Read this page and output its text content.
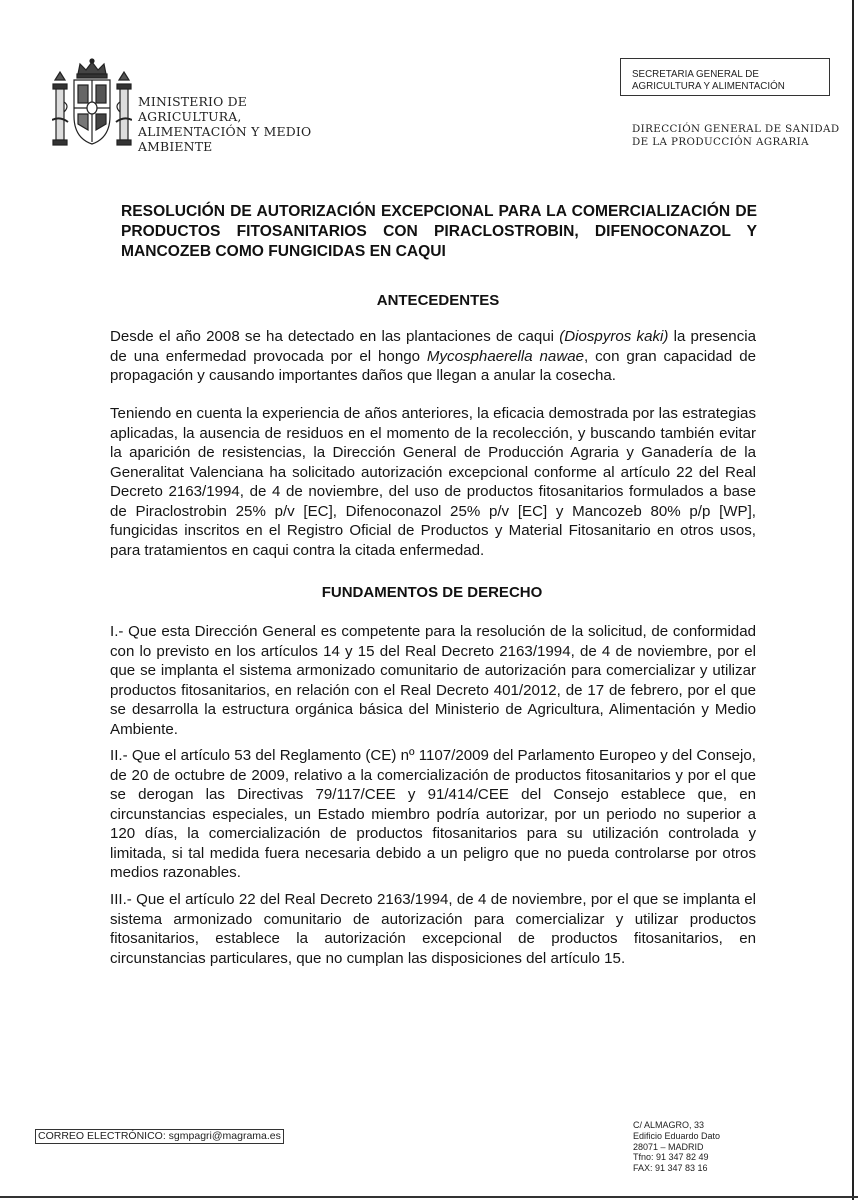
MINISTERIO DE
AGRICULTURA,
ALIMENTACIÓN Y MEDIO
AMBIENTE
SECRETARIA GENERAL DE
AGRICULTURA Y ALIMENTACIÓN
DIRECCIÓN GENERAL DE SANIDAD
DE LA PRODUCCIÓN AGRARIA
RESOLUCIÓN DE AUTORIZACIÓN EXCEPCIONAL PARA LA COMERCIALIZACIÓN DE PRODUCTOS FITOSANITARIOS CON PIRACLOSTROBIN, DIFENOCONAZOL Y MANCOZEB COMO FUNGICIDAS EN CAQUI
ANTECEDENTES
Desde el año 2008 se ha detectado en las plantaciones de caqui (Diospyros kaki) la presencia de una enfermedad provocada por el hongo Mycosphaerella nawae, con gran capacidad de propagación y causando importantes daños que llegan a anular la cosecha.
Teniendo en cuenta la experiencia de años anteriores, la eficacia demostrada por las estrategias aplicadas, la ausencia de residuos en el momento de la recolección, y buscando también evitar la aparición de resistencias, la Dirección General de Producción Agraria y Ganadería de la Generalitat Valenciana ha solicitado autorización excepcional conforme al artículo 22 del Real Decreto 2163/1994, de 4 de noviembre, del uso de productos fitosanitarios formulados a base de Piraclostrobin 25% p/v [EC], Difenoconazol 25% p/v [EC] y Mancozeb 80% p/p [WP], fungicidas inscritos en el Registro Oficial de Productos y Material Fitosanitario en otros usos, para tratamientos en caqui contra la citada enfermedad.
FUNDAMENTOS DE DERECHO
I.- Que esta Dirección General es competente para la resolución de la solicitud, de conformidad con lo previsto en los artículos 14 y 15 del Real Decreto 2163/1994, de 4 de noviembre, por el que se implanta el sistema armonizado comunitario de autorización para comercializar y utilizar productos fitosanitarios, en relación con el Real Decreto 401/2012, de 17 de febrero, por el que se desarrolla la estructura orgánica básica del Ministerio de Agricultura, Alimentación y Medio Ambiente.
II.- Que el artículo 53 del Reglamento (CE) nº 1107/2009 del Parlamento Europeo y del Consejo, de 20 de octubre de 2009, relativo a la comercialización de productos fitosanitarios y por el que se derogan las Directivas 79/117/CEE y 91/414/CEE del Consejo establece que, en circunstancias especiales, un Estado miembro podría autorizar, por un periodo no superior a 120 días, la comercialización de productos fitosanitarios para su utilización controlada y limitada, si tal medida fuera necesaria debido a un peligro que no pueda controlarse por otros medios razonables.
III.- Que el artículo 22 del Real Decreto 2163/1994, de 4 de noviembre, por el que se implanta el sistema armonizado comunitario de autorización para comercializar y utilizar productos fitosanitarios, establece la autorización excepcional de productos fitosanitarios, en circunstancias particulares, que no cumplan las disposiciones del artículo 15.
CORREO ELECTRÓNICO: sgmpagri@magrama.es
C/ ALMAGRO, 33
Edificio Eduardo Dato
28071 – MADRID
Tfno: 91 347 82 49
FAX: 91 347 83 16
